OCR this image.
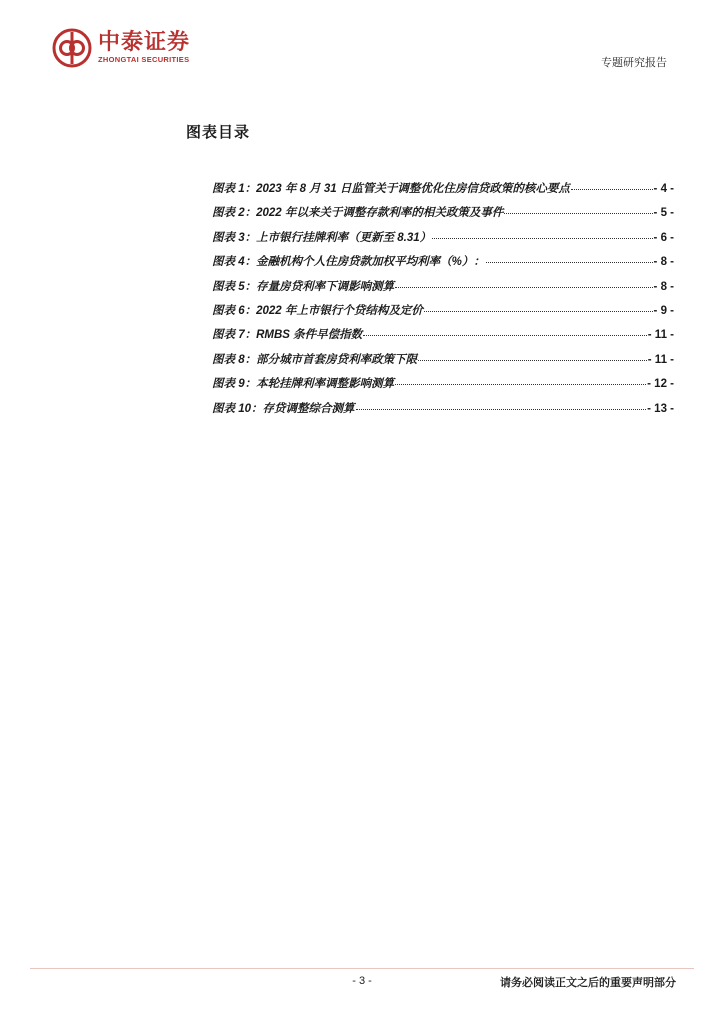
中泰证券
ZHONGTAI SECURITIES	专题研究报告
图表目录
图表 1：2023 年 8 月 31 日监管关于调整优化住房信贷政策的核心要点	- 4 -
图表 2：2022 年以来关于调整存款利率的相关政策及事件	- 5 -
图表 3：上市银行挂牌利率（更新至 8.31）	- 6 -
图表 4：金融机构个人住房贷款加权平均利率（%）：	- 8 -
图表 5：存量房贷利率下调影响测算	- 8 -
图表 6：2022 年上市银行个贷结构及定价	- 9 -
图表 7：RMBS 条件早偿指数	- 11 -
图表 8：部分城市首套房贷利率政策下限	- 11 -
图表 9：本轮挂牌利率调整影响测算	- 12 -
图表 10：存贷调整综合测算	- 13 -
- 3 -	请务必阅读正文之后的重要声明部分
